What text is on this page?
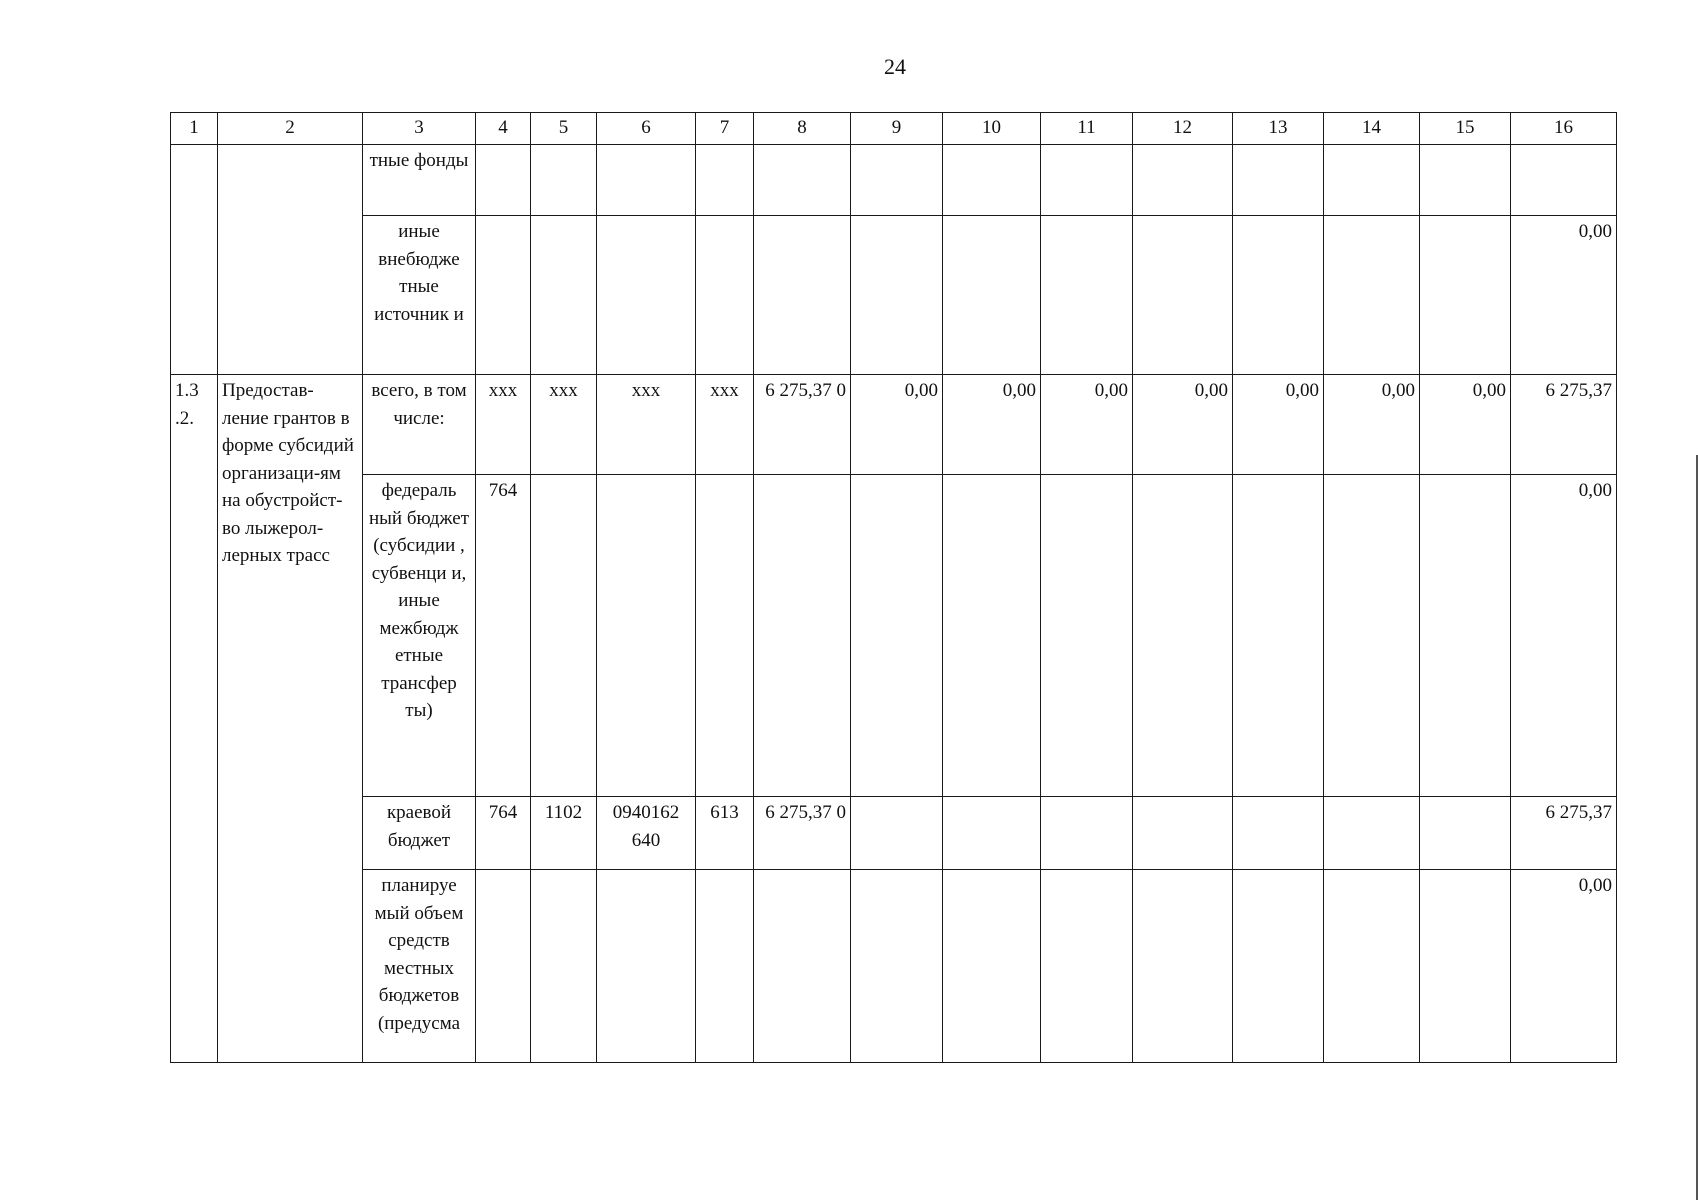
24
1	2	3	4	5	6	7	8	9	10	11	12	13	14	15	16
		тные фонды													
		иные внебюдже тные источник и													0,00
1.3 .2.	Предостав-ление грантов в форме субсидий организаци-ям на обустройст-во лыжерол-лерных трасс	всего, в том числе:	ххх	ххх	ххх	ххх	6 275,37 0	0,00	0,00	0,00	0,00	0,00	0,00	0,00	6 275,37
		федераль ный бюджет (субсидии , субвенци и, иные межбюдж етные трансфер ты)	764												0,00
		краевой бюджет	764	1102	0940162 640	613	6 275,37 0								6 275,37
		планируе мый объем средств местных бюджетов (предусма													0,00
